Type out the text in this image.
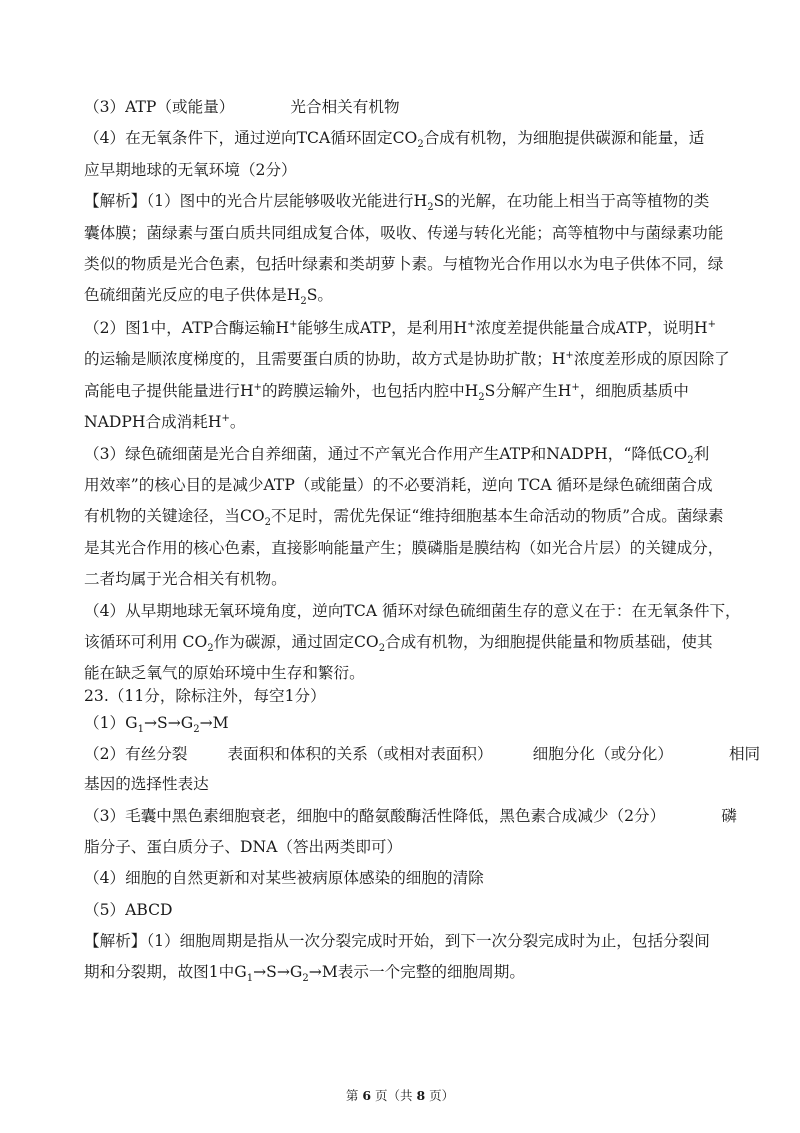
（3）ATP（或能量）	光合相关有机物
（4）在无氧条件下，通过逆向TCA循环固定$CO_2$合成有机物，为细胞提供碳源和能量，适
应早期地球的无氧环境（2分）
【解析】（1）图中的光合片层能够吸收光能进行$H_2S$的光解，在功能上相当于高等植物的类
囊体膜；菌绿素与蛋白质共同组成复合体，吸收、传递与转化光能；高等植物中与菌绿素功能
类似的物质是光合色素，包括叶绿素和类胡萝卜素。与植物光合作用以水为电子供体不同，绿
色硫细菌光反应的电子供体是$H_2S$。
（2）图1中，ATP合酶运输H+能够生成ATP，是利用H+浓度差提供能量合成ATP，说明H+
的运输是顺浓度梯度的，且需要蛋白质的协助，故方式是协助扩散；H+浓度差形成的原因除了
高能电子提供能量进行H+的跨膜运输外，也包括内腔中$H_2S$分解产生H+，细胞质基质中
NADPH合成消耗H+。
（3）绿色硫细菌是光合自养细菌，通过不产氧光合作用产生ATP和NADPH，“降低$CO_2$利
用效率”的核心目的是减少ATP（或能量）的不必要消耗，逆向 TCA 循环是绿色硫细菌合成
有机物的关键途径，当$CO_2$不足时，需优先保证“维持细胞基本生命活动的物质”合成。菌绿素
是其光合作用的核心色素，直接影响能量产生；膜磷脂是膜结构（如光合片层）的关键成分，
二者均属于光合相关有机物。
（4）从早期地球无氧环境角度，逆向TCA 循环对绿色硫细菌生存的意义在于：在无氧条件下，
该循环可利用 $CO_2$作为碳源，通过固定$CO_2$合成有机物，为细胞提供能量和物质基础，使其
能在缺乏氧气的原始环境中生存和繁衍。
23.（11分，除标注外，每空1分）
$(1)G_1\to S\to G_2\to M$
（2）有丝分裂	表面积和体积的关系（或相对表面积）	细胞分化（或分化）	相同
基因的选择性表达
（3）毛囊中黑色素细胞衰老，细胞中的酪氨酸酶活性降低，黑色素合成减少（2分）	磷
脂分子、蛋白质分子、DNA（答出两类即可）
（4）细胞的自然更新和对某些被病原体感染的细胞的清除
（5）ABCD
【解析】（1）细胞周期是指从一次分裂完成时开始，到下一次分裂完成时为止，包括分裂间
期和分裂期，故图1中$G_1\to S\to G_2\to M$表示一个完整的细胞周期。
第 6 页（共 8 页）
